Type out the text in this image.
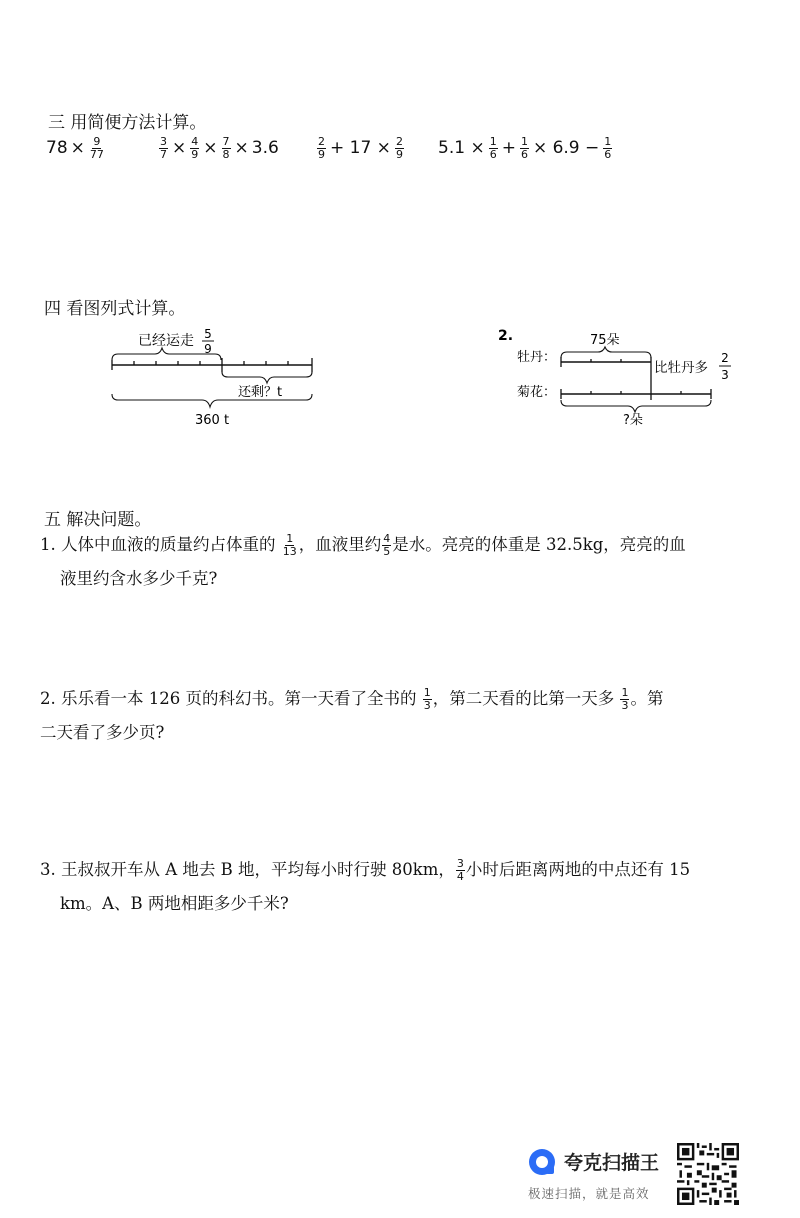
三 用简便方法计算。
$78 \times \frac{9}{77}$	$\frac{3}{7} \times \frac{4}{9} \times \frac{7}{8} \times 3.6$	$\frac{2}{9} + 17 \times \frac{2}{9} 5.1 \times \frac{1}{6} + \frac{1}{6} \times 6.9 - \frac{1}{6}$
四 看图列式计算。
已经运走 5
9
还剩？t
360 t
2.	75朵
牡丹：
比牡丹多
2
3
菊花：
?朵
五 解决问题。
1. 人体中血液的质量约占体重的 $\frac{1}{13}$ ，血液里约 $\frac{4}{5}$ 是水。亮亮的体重是 32.5kg，亮亮的血
液里约含水多少千克?
2. 乐乐看一本 126 页的科幻书。第一天看了全书的 $\frac{1}{3}$ ，第二天看的比第一天多 $\frac{1}{3}$ 。第
二天看了多少页?
3. 王叔叔开车从 A 地去 B 地，平均每小时行驶 80km， $\frac{3}{4}$ 小时后距离两地的中点还有 15
km。A、B 两地相距多少千米?
夸克扫描王
极速扫描，就是高效
